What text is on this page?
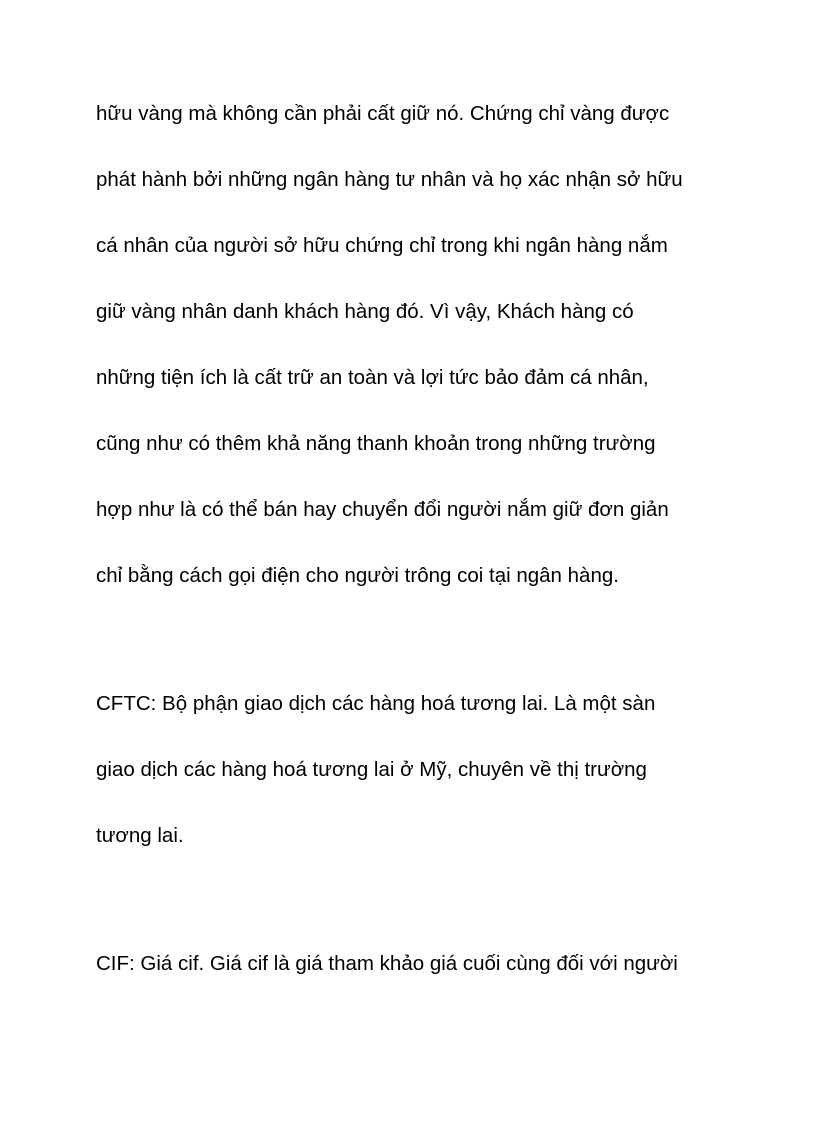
hữu vàng mà không cần phải cất giữ nó. Chứng chỉ vàng được

phát hành bởi những ngân hàng tư nhân và họ xác nhận sở hữu

cá nhân của người sở hữu chứng chỉ trong khi ngân hàng nắm

giữ vàng nhân danh khách hàng đó. Vì vậy, Khách hàng có

những tiện ích là cất trữ an toàn và lợi tức bảo đảm cá nhân,

cũng như có thêm khả năng thanh khoản trong những trường

hợp như là có thể bán hay chuyển đổi người nắm giữ đơn giản

chỉ bằng cách gọi điện cho người trông coi tại ngân hàng.

CFTC: Bộ phận giao dịch các hàng hoá tương lai. Là một sàn

giao dịch các hàng hoá tương lai ở Mỹ, chuyên về thị trường

tương lai.

CIF: Giá cif. Giá cif là giá tham khảo giá cuối cùng đối với người
